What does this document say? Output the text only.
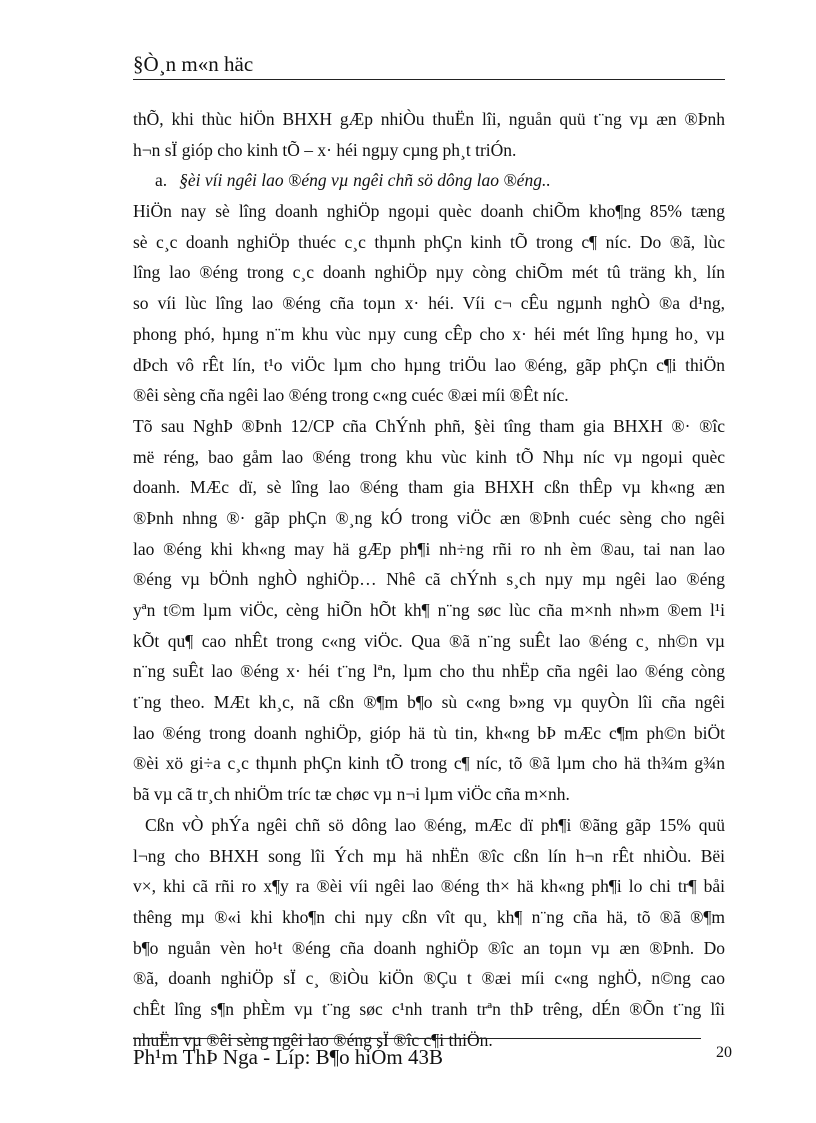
§Ò¸n m«n häc
thÕ, khi thùc hiÖn BHXH gÆp nhiÒu thuËn lîi, nguån quü t¨ng vµ æn ®Þnh
h¬n sÏ gióp cho kinh tÕ – x· héi ngµy cµng ph¸t triÓn.
a. §èi víi ngêi lao ®éng vµ ngêi chñ sö dông lao ®éng..
HiÖn nay sè lîng doanh nghiÖp ngoµi quèc doanh chiÕm kho¶ng 85% tæng
sè c¸c doanh nghiÖp thuéc c¸c thµnh phÇn kinh tÕ trong c¶ níc. Do ®ã, lùc
lîng lao ®éng trong c¸c doanh nghiÖp nµy còng chiÕm mét tû träng kh¸ lín
so víi lùc lîng lao ®éng cña toµn x· héi. Víi c¬ cÊu ngµnh nghÒ ®a d¹ng,
phong phó, hµng n¨m khu vùc nµy cung cÊp cho x· héi mét lîng hµng ho¸ vµ
dÞch vô rÊt lín, t¹o viÖc lµm cho hµng triÖu lao ®éng, gãp phÇn c¶i thiÖn
®êi sèng cña ngêi lao ®éng trong c«ng cuéc ®æi míi ®Êt níc.
Tõ sau NghÞ ®Þnh 12/CP cña ChÝnh phñ, §èi tîng tham gia BHXH ®· ®îc
më réng, bao gåm lao ®éng trong khu vùc kinh tÕ Nhµ níc vµ ngoµi quèc
doanh. MÆc dï, sè lîng lao ®éng tham gia BHXH cßn thÊp vµ kh«ng æn
®Þnh nhng ®· gãp phÇn ®¸ng kÓ trong viÖc æn ®Þnh cuéc sèng cho ngêi
lao ®éng khi kh«ng may hä gÆp ph¶i nh÷ng rñi ro nh èm ®au, tai nan lao
®éng vµ bÖnh nghÒ nghiÖp… Nhê cã chÝnh s¸ch nµy mµ ngêi lao ®éng
yªn t©m lµm viÖc, cèng hiÕn hÕt kh¶ n¨ng søc lùc cña m×nh nh»m ®em l¹i
kÕt qu¶ cao nhÊt trong c«ng viÖc. Qua ®ã n¨ng suÊt lao ®éng c¸ nh©n vµ
n¨ng suÊt lao ®éng x· héi t¨ng lªn, lµm cho thu nhËp cña ngêi lao ®éng còng
t¨ng theo. MÆt kh¸c, nã cßn ®¶m b¶o sù c«ng b»ng vµ quyÒn lîi cña ngêi
lao ®éng trong doanh nghiÖp, gióp hä tù tin, kh«ng bÞ mÆc c¶m ph©n biÖt
®èi xö gi÷a c¸c thµnh phÇn kinh tÕ trong c¶ níc, tõ ®ã lµm cho hä th¾m g¾n
bã vµ cã tr¸ch nhiÖm tríc tæ chøc vµ n¬i lµm viÖc cña m×nh.
Cßn vÒ phÝa ngêi chñ sö dông lao ®éng, mÆc dï ph¶i ®ãng gãp 15% quü
l¬ng cho BHXH song lîi Ých mµ hä nhËn ®îc cßn lín h¬n rÊt nhiÒu. Bëi
v×, khi cã rñi ro x¶y ra ®èi víi ngêi lao ®éng th× hä kh«ng ph¶i lo chi tr¶ båi
thêng mµ ®«i khi kho¶n chi nµy cßn vît qu¸ kh¶ n¨ng cña hä, tõ ®ã ®¶m
b¶o nguån vèn ho¹t ®éng cña doanh nghiÖp ®îc an toµn vµ æn ®Þnh. Do
®ã, doanh nghiÖp sÏ c¸ ®iÒu kiÖn ®Çu t ®æi míi c«ng nghÖ, n©ng cao
chÊt lîng s¶n phÈm vµ t¨ng søc c¹nh tranh trªn thÞ trêng, dÉn ®Õn t¨ng lîi
nhuËn vµ ®êi sèng ngêi lao ®éng sÏ ®îc c¶i thiÖn.
Ph¹m ThÞ Nga - Líp: B¶o hiÓm 43B	20
